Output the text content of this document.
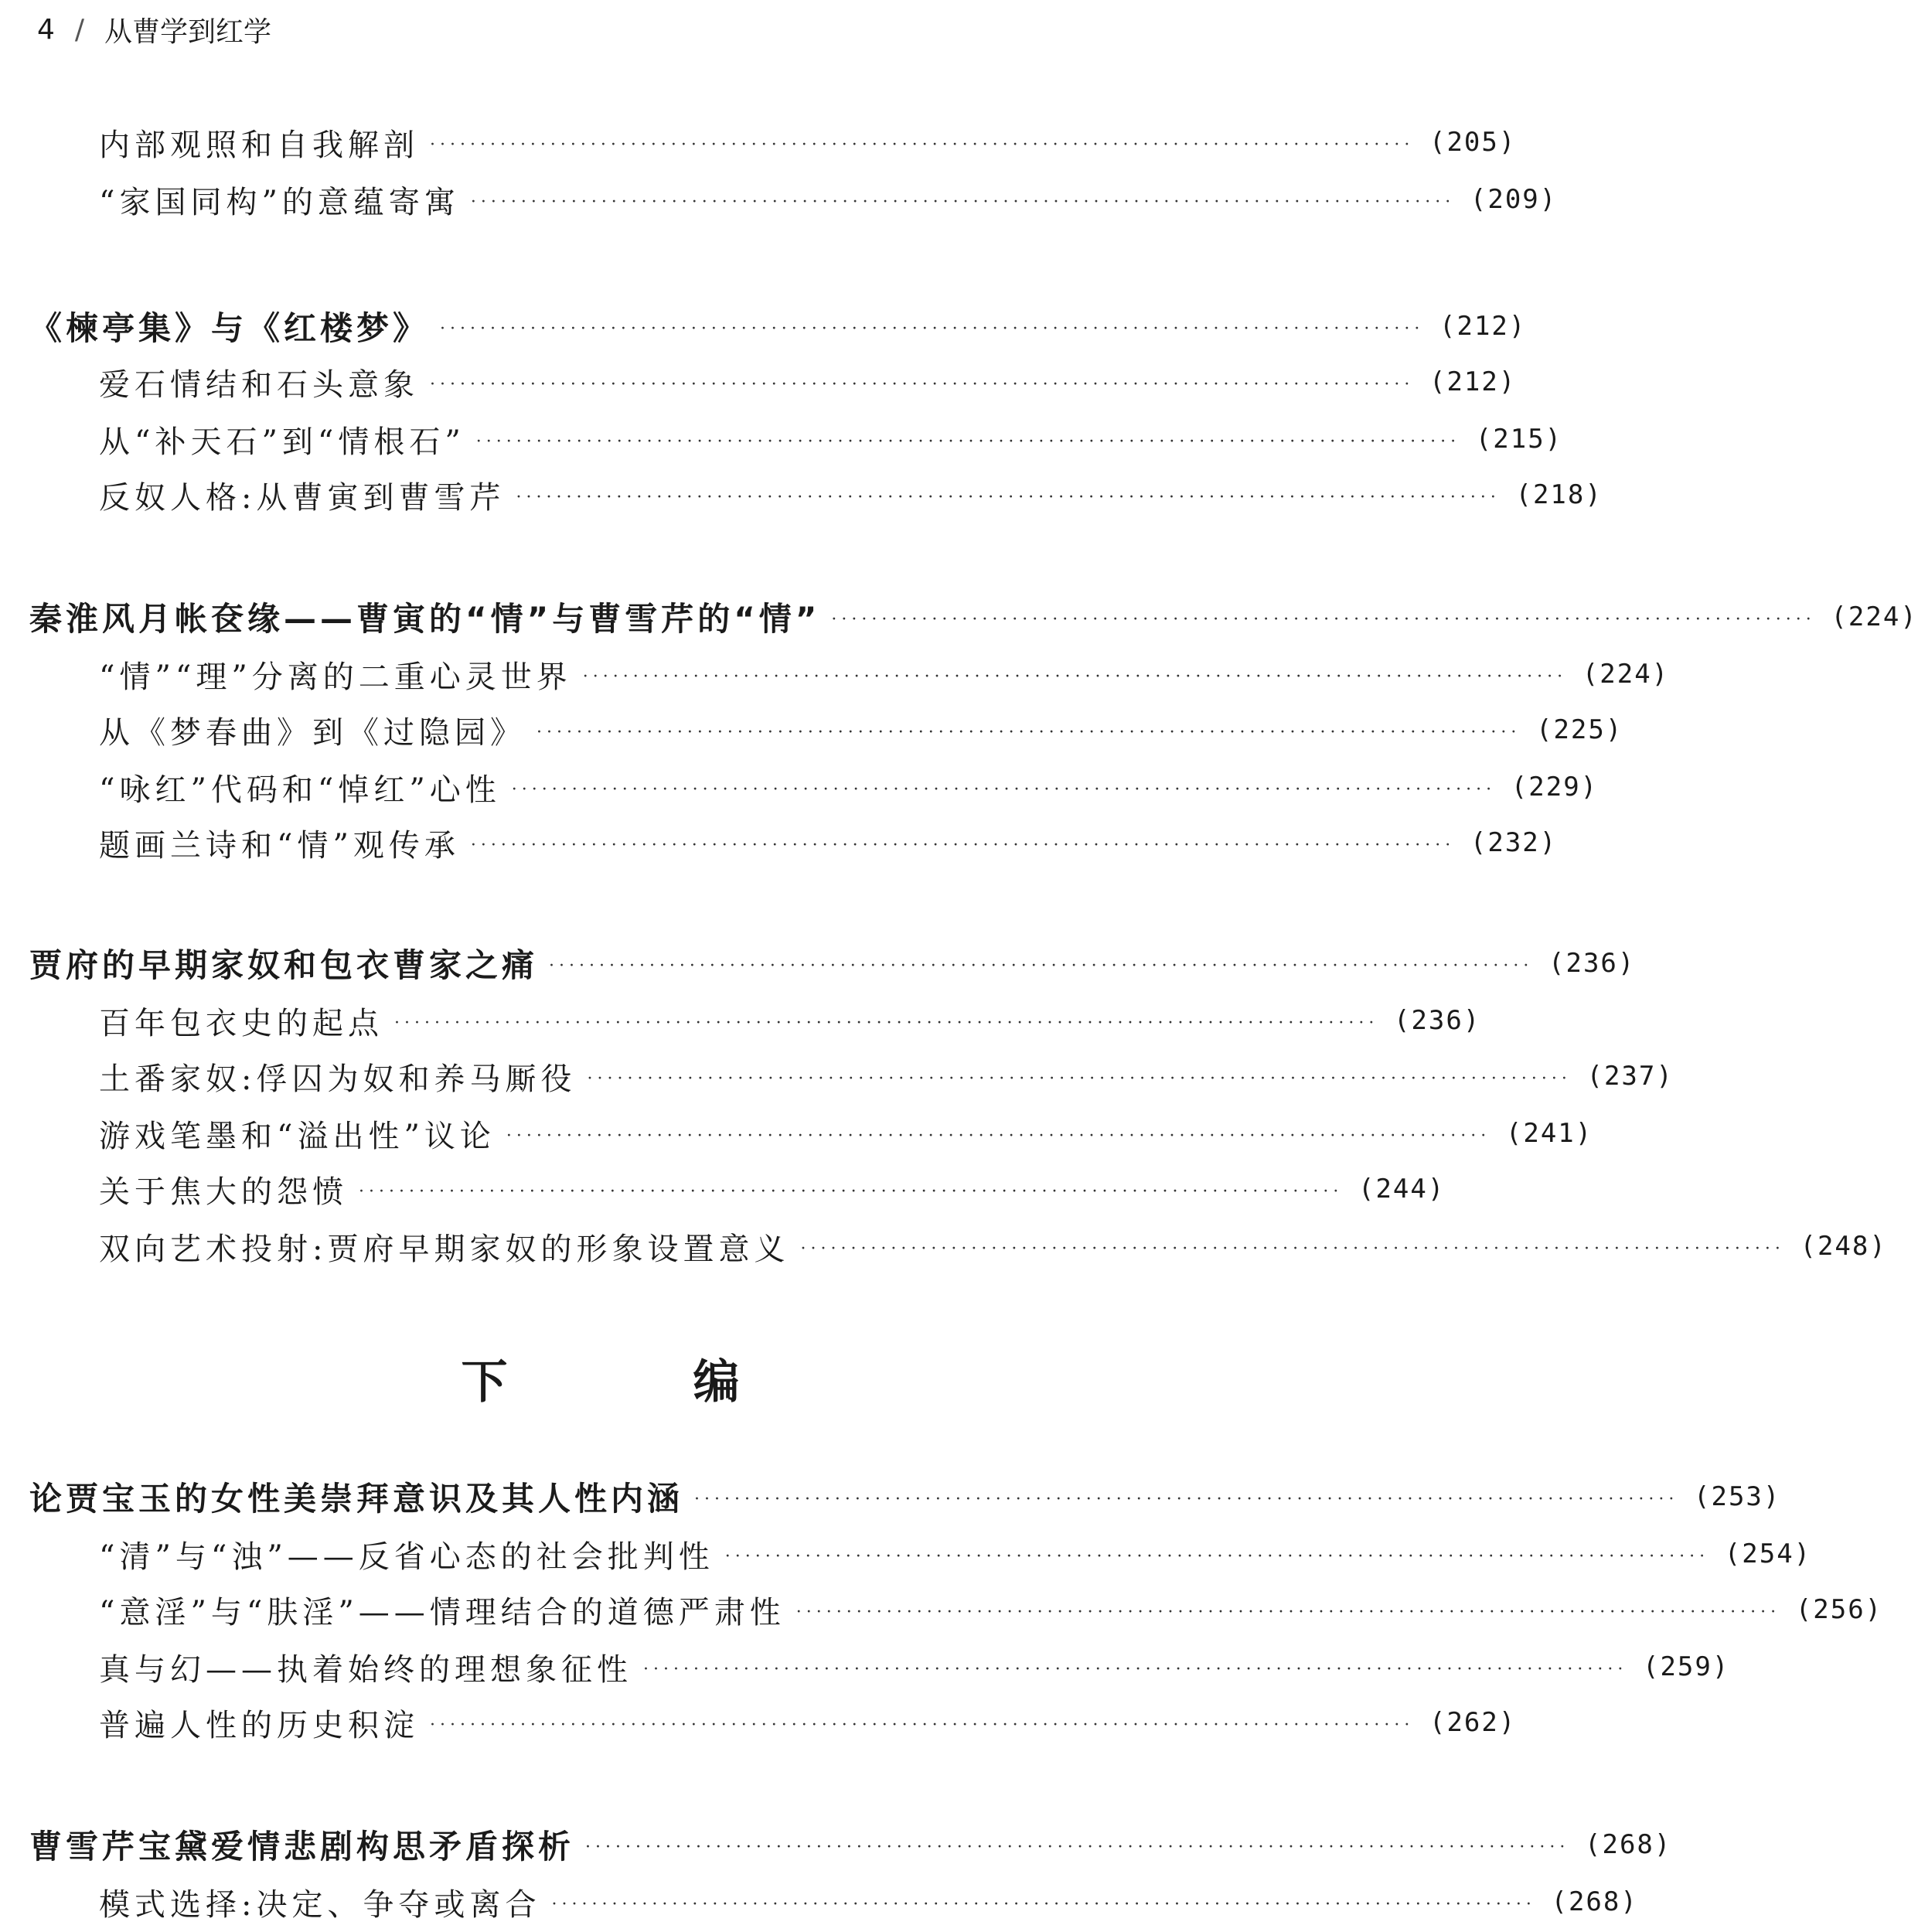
4 / 从曹学到红学
内部观照和自我解剖 ·································································································· (205)
“家国同构”的意蕴寄寓 ·································································································· (209)
《楝亭集》与《红楼梦》 ·································································································· (212)
爱石情结和石头意象 ·································································································· (212)
从“补天石”到“情根石” ·································································································· (215)
反奴人格:从曹寅到曹雪芹 ·································································································· (218)
秦淮风月帐奁缘——曹寅的“情”与曹雪芹的“情” ·································································································· (224)
“情”“理”分离的二重心灵世界 ·································································································· (224)
从《梦春曲》到《过隐园》 ·································································································· (225)
“咏红”代码和“悼红”心性 ·································································································· (229)
题画兰诗和“情”观传承 ·································································································· (232)
贾府的早期家奴和包衣曹家之痛 ·································································································· (236)
百年包衣史的起点 ·································································································· (236)
土番家奴:俘囚为奴和养马厮役 ·································································································· (237)
游戏笔墨和“溢出性”议论 ·································································································· (241)
关于焦大的怨愤 ·································································································· (244)
双向艺术投射:贾府早期家奴的形象设置意义 ·································································································· (248)
论贾宝玉的女性美崇拜意识及其人性内涵 ·································································································· (253)
“清”与“浊”——反省心态的社会批判性 ·································································································· (254)
“意淫”与“肤淫”——情理结合的道德严肃性 ·································································································· (256)
真与幻——执着始终的理想象征性 ·································································································· (259)
普遍人性的历史积淀 ·································································································· (262)
曹雪芹宝黛爱情悲剧构思矛盾探析 ·································································································· (268)
模式选择:决定、争夺或离合 ·································································································· (268)
下　编
